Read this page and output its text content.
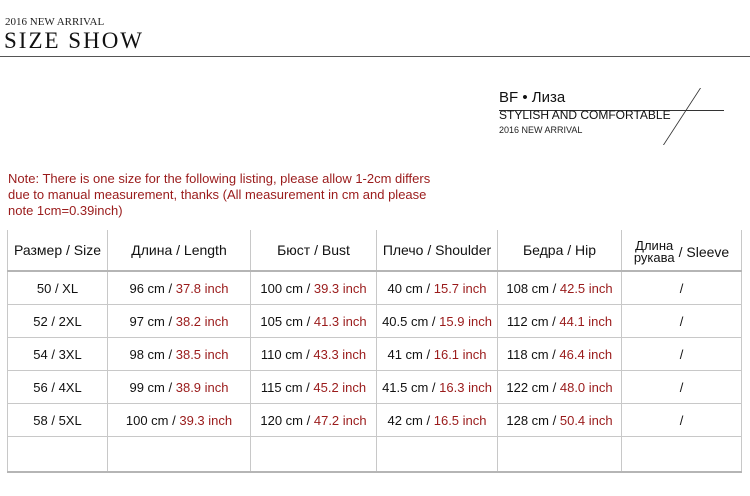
2016 NEW ARRIVAL
SIZE SHOW
BF • Лиза
STYLISH AND COMFORTABLE
2016 NEW ARRIVAL
Note: There is one size for the following listing, please allow 1-2cm differs due to manual measurement, thanks (All measurement in cm and please note 1cm=0.39inch)
Размер / Size	Длина / Length	Бюст / Bust	Плечо / Shoulder	Бедра / Hip	Длина
рукава / Sleeve

50 / XL	96 cm / 37.8 inch	100 cm / 39.3 inch	40 cm / 15.7 inch	108 cm / 42.5 inch	/
52 / 2XL	97 cm / 38.2 inch	105 cm / 41.3 inch	40.5 cm / 15.9 inch	112 cm / 44.1 inch	/
54 / 3XL	98 cm / 38.5 inch	110 cm / 43.3 inch	41 cm / 16.1 inch	118 cm / 46.4 inch	/
56 / 4XL	99 cm / 38.9 inch	115 cm / 45.2 inch	41.5 cm / 16.3 inch	122 cm / 48.0 inch	/
58 / 5XL	100 cm / 39.3 inch	120 cm / 47.2 inch	42 cm / 16.5 inch	128 cm / 50.4 inch	/
